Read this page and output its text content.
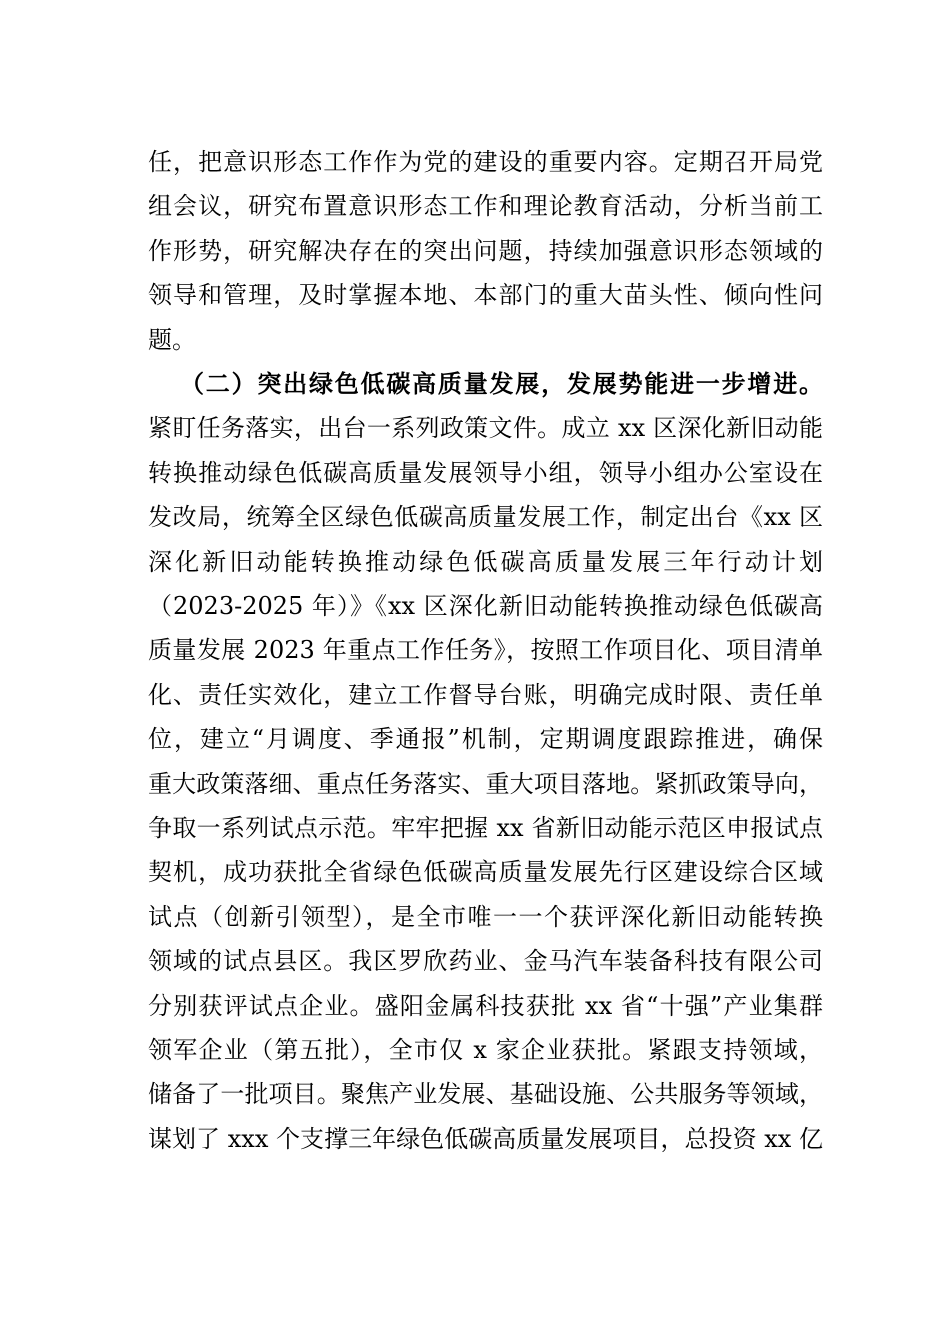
任，把意识形态工作作为党的建设的重要内容。定期召开局党
组会议，研究布置意识形态工作和理论教育活动，分析当前工
作形势，研究解决存在的突出问题，持续加强意识形态领域的
领导和管理，及时掌握本地、本部门的重大苗头性、倾向性问
题。
（二）突出绿色低碳高质量发展，发展势能进一步增进。
紧盯任务落实，出台一系列政策文件。成立 xx 区深化新旧动能
转换推动绿色低碳高质量发展领导小组，领导小组办公室设在
发改局，统筹全区绿色低碳高质量发展工作，制定出台《xx 区
深化新旧动能转换推动绿色低碳高质量发展三年行动计划
（2023-2025 年）》《xx 区深化新旧动能转换推动绿色低碳高
质量发展 2023 年重点工作任务》，按照工作项目化、项目清单
化、责任实效化，建立工作督导台账，明确完成时限、责任单
位，建立“月调度、季通报”机制，定期调度跟踪推进，确保
重大政策落细、重点任务落实、重大项目落地。紧抓政策导向，
争取一系列试点示范。牢牢把握 xx 省新旧动能示范区申报试点
契机，成功获批全省绿色低碳高质量发展先行区建设综合区域
试点（创新引领型），是全市唯一一个获评深化新旧动能转换
领域的试点县区。我区罗欣药业、金马汽车装备科技有限公司
分别获评试点企业。盛阳金属科技获批 xx 省“十强”产业集群
领军企业（第五批），全市仅 x 家企业获批。紧跟支持领域，
储备了一批项目。聚焦产业发展、基础设施、公共服务等领域，
谋划了 xxx 个支撑三年绿色低碳高质量发展项目，总投资 xx 亿
